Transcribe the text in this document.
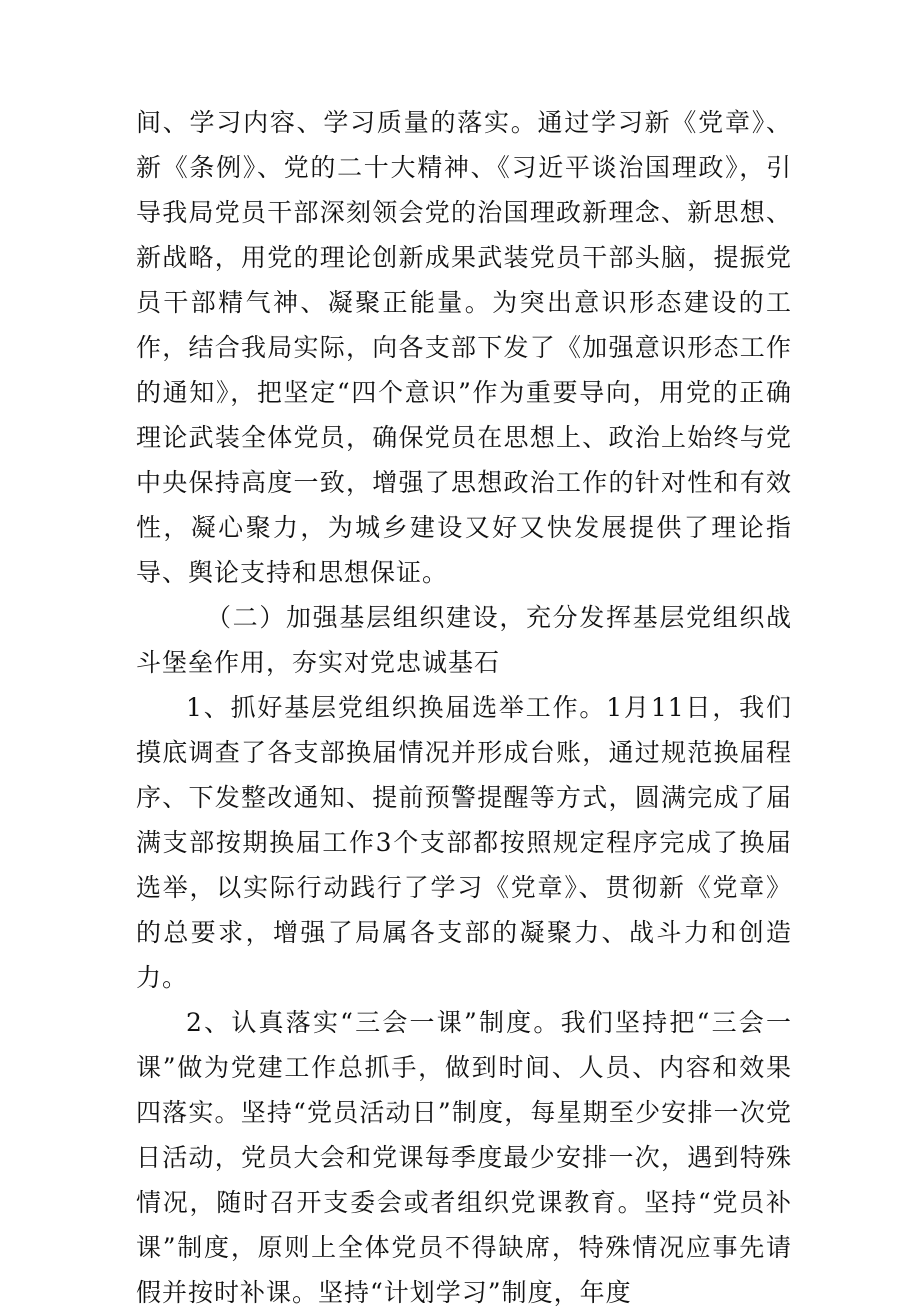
间、学习内容、学习质量的落实。通过学习新《党章》、新《条例》、党的二十大精神、《习近平谈治国理政》，引导我局党员干部深刻领会党的治国理政新理念、新思想、新战略，用党的理论创新成果武装党员干部头脑，提振党员干部精气神、凝聚正能量。为突出意识形态建设的工作，结合我局实际，向各支部下发了《加强意识形态工作的通知》，把坚定“四个意识”作为重要导向，用党的正确理论武装全体党员，确保党员在思想上、政治上始终与党中央保持高度一致，增强了思想政治工作的针对性和有效性，凝心聚力，为城乡建设又好又快发展提供了理论指导、舆论支持和思想保证。

（二）加强基层组织建设，充分发挥基层党组织战斗堡垒作用，夯实对党忠诚基石

1、抓好基层党组织换届选举工作。1月11日，我们摸底调查了各支部换届情况并形成台账，通过规范换届程序、下发整改通知、提前预警提醒等方式，圆满完成了届满支部按期换届工作3个支部都按照规定程序完成了换届选举，以实际行动践行了学习《党章》、贯彻新《党章》的总要求，增强了局属各支部的凝聚力、战斗力和创造力。

2、认真落实“三会一课”制度。我们坚持把“三会一课”做为党建工作总抓手，做到时间、人员、内容和效果四落实。坚持“党员活动日”制度，每星期至少安排一次党日活动，党员大会和党课每季度最少安排一次，遇到特殊情况，随时召开支委会或者组织党课教育。坚持“党员补课”制度，原则上全体党员不得缺席，特殊情况应事先请假并按时补课。坚持“计划学习”制度，年度
